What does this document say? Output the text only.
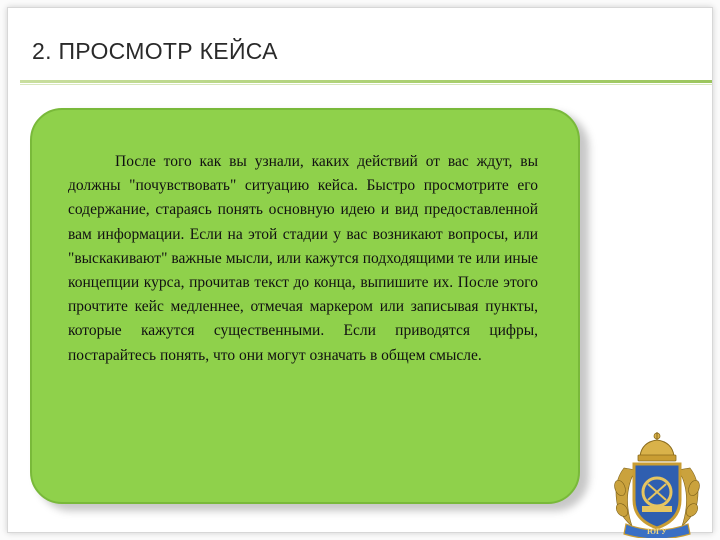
2. ПРОСМОТР КЕЙСА

После того как вы узнали, каких действий от вас ждут, вы должны "почувствовать" ситуацию кейса. Быстро просмотрите его содержание, стараясь понять основную идею и вид предоставленной вам информации. Если на этой стадии у вас возникают вопросы, или "выскакивают" важные мысли, или кажутся подходящими те или иные концепции курса, прочитав текст до конца, выпишите их. После этого прочтите кейс медленнее, отмечая маркером или записывая пункты, которые кажутся существенными. Если приводятся цифры, постарайтесь понять, что они могут означать в общем смысле.

ЮГУ
